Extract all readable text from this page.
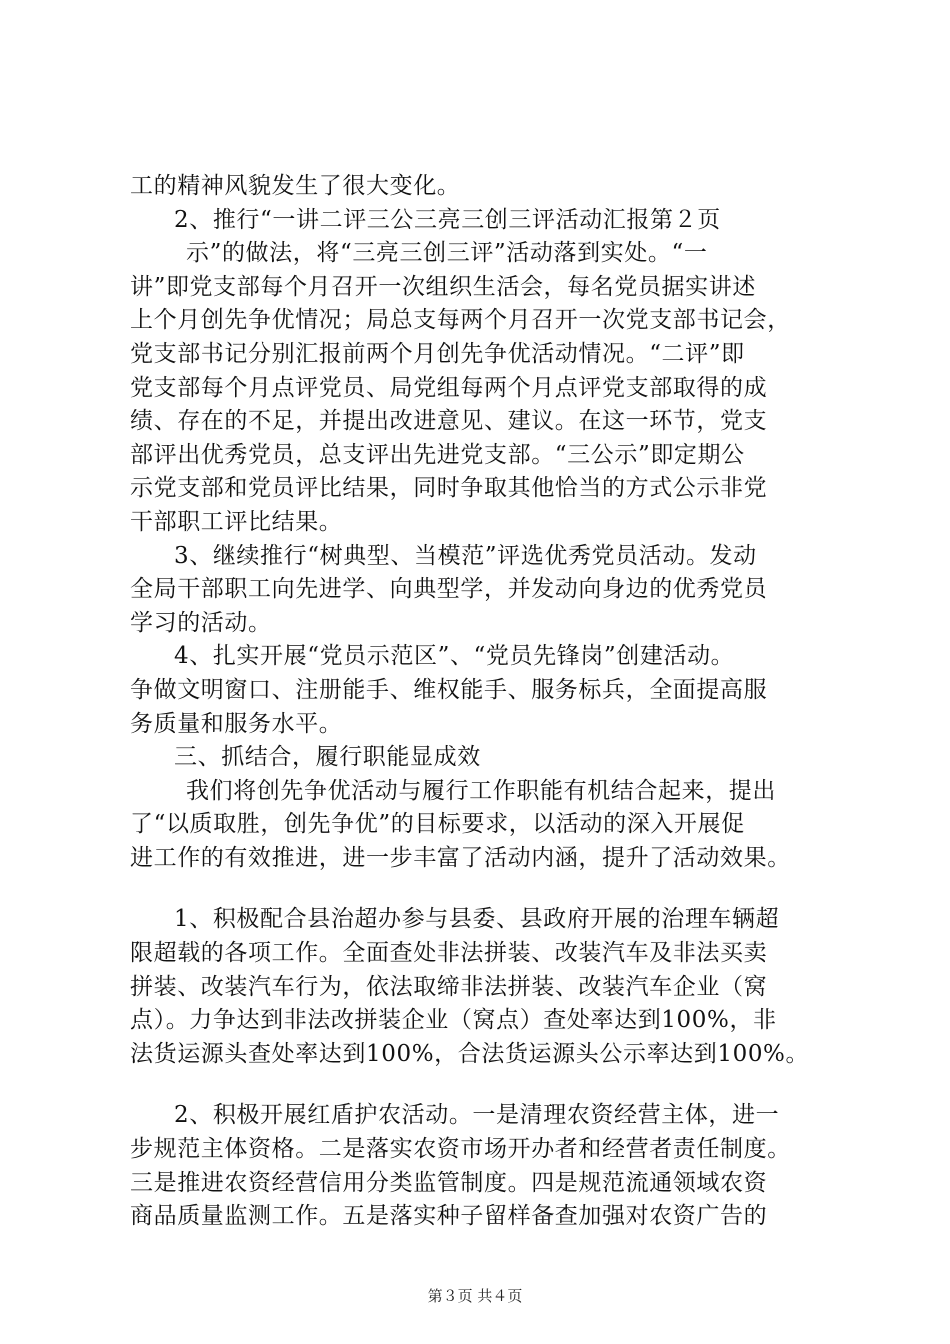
工的精神风貌发生了很大变化。
2、推行“一讲二评三公三亮三创三评活动汇报第２页
示”的做法，将“三亮三创三评”活动落到实处。“一
讲”即党支部每个月召开一次组织生活会，每名党员据实讲述
上个月创先争优情况；局总支每两个月召开一次党支部书记会，
党支部书记分别汇报前两个月创先争优活动情况。“二评”即
党支部每个月点评党员、局党组每两个月点评党支部取得的成
绩、存在的不足，并提出改进意见、建议。在这一环节，党支
部评出优秀党员，总支评出先进党支部。“三公示”即定期公
示党支部和党员评比结果，同时争取其他恰当的方式公示非党
干部职工评比结果。
3、继续推行“树典型、当模范”评选优秀党员活动。发动
全局干部职工向先进学、向典型学，并发动向身边的优秀党员
学习的活动。
4、扎实开展“党员示范区”、“党员先锋岗”创建活动。
争做文明窗口、注册能手、维权能手、服务标兵，全面提高服
务质量和服务水平。
三、抓结合，履行职能显成效
我们将创先争优活动与履行工作职能有机结合起来，提出
了“以质取胜，创先争优”的目标要求，以活动的深入开展促
进工作的有效推进，进一步丰富了活动内涵，提升了活动效果。
1、积极配合县治超办参与县委、县政府开展的治理车辆超
限超载的各项工作。全面查处非法拼装、改装汽车及非法买卖
拼装、改装汽车行为，依法取缔非法拼装、改装汽车企业（窝
点）。力争达到非法改拼装企业（窝点）查处率达到100%，非
法货运源头查处率达到100%，合法货运源头公示率达到100%。
2、积极开展红盾护农活动。一是清理农资经营主体，进一
步规范主体资格。二是落实农资市场开办者和经营者责任制度。
三是推进农资经营信用分类监管制度。四是规范流通领域农资
商品质量监测工作。五是落实种子留样备查加强对农资广告的
第３页 共４页
